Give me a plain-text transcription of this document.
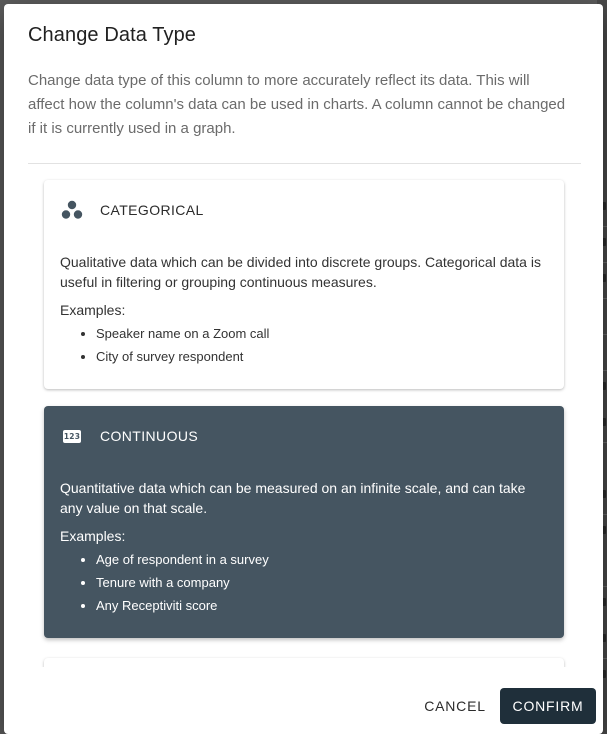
Change Data Type
Change data type of this column to more accurately reflect its data. This will affect how the column's data can be used in charts. A column cannot be changed if it is currently used in a graph.
CATEGORICAL
Qualitative data which can be divided into discrete groups. Categorical data is useful in filtering or grouping continuous measures.
Examples:
• Speaker name on a Zoom call
• City of survey respondent
123 CONTINUOUS
Quantitative data which can be measured on an infinite scale, and can take any value on that scale.
Examples:
• Age of respondent in a survey
• Tenure with a company
• Any Receptiviti score
CANCEL	CONFIRM
